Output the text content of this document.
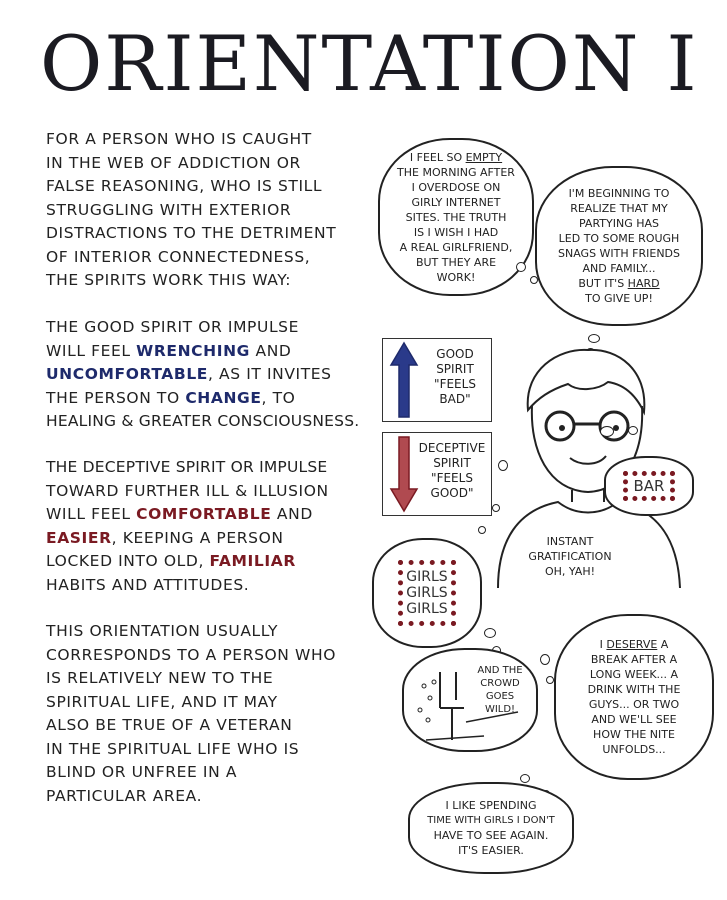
ORIENTATION I
FOR A PERSON WHO IS CAUGHT
IN THE WEB OF ADDICTION OR
FALSE REASONING, WHO IS STILL
STRUGGLING WITH EXTERIOR
DISTRACTIONS TO THE DETRIMENT
OF INTERIOR CONNECTEDNESS,
THE SPIRITS WORK THIS WAY:
THE GOOD SPIRIT OR IMPULSE
WILL FEEL WRENCHING AND
UNCOMFORTABLE, AS IT INVITES
THE PERSON TO CHANGE, TO
HEALING & GREATER CONSCIOUSNESS.
THE DECEPTIVE SPIRIT OR IMPULSE
TOWARD FURTHER ILL & ILLUSION
WILL FEEL COMFORTABLE AND
EASIER, KEEPING A PERSON
LOCKED INTO OLD, FAMILIAR
HABITS AND ATTITUDES.
THIS ORIENTATION USUALLY
CORRESPONDS TO A PERSON WHO
IS RELATIVELY NEW TO THE
SPIRITUAL LIFE, AND IT MAY
ALSO BE TRUE OF A VETERAN
IN THE SPIRITUAL LIFE WHO IS
BLIND OR UNFREE IN A
PARTICULAR AREA.
I FEEL SO EMPTY
THE MORNING AFTER
I OVERDOSE ON
GIRLY INTERNET
SITES. THE TRUTH
IS I WISH I HAD
A REAL GIRLFRIEND,
BUT THEY ARE
WORK!
I'M BEGINNING TO
REALIZE THAT MY
PARTYING HAS
LED TO SOME ROUGH
SNAGS WITH FRIENDS
AND FAMILY...
BUT IT'S HARD
TO GIVE UP!
GOOD
SPIRIT
"FEELS
BAD"
DECEPTIVE
SPIRIT
"FEELS
GOOD"
INSTANT
GRATIFICATION
OH, YAH!
BAR
GIRLS
GIRLS
GIRLS
AND THE
CROWD
GOES
WILD!
I DESERVE A
BREAK AFTER A
LONG WEEK... A
DRINK WITH THE
GUYS... OR TWO
AND WE'LL SEE
HOW THE NITE
UNFOLDS...
I LIKE SPENDING
TIME WITH GIRLS I DON'T
HAVE TO SEE AGAIN.
IT'S EASIER.
